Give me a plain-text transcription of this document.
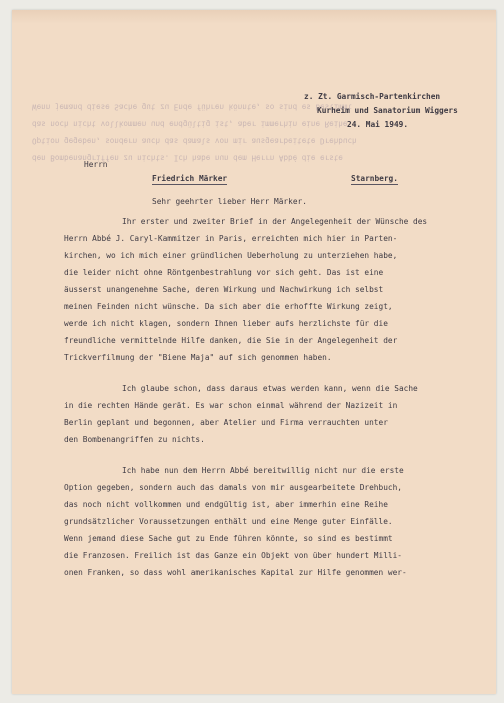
den Bombenangriffen zu nichts. Ich habe nun dem Herrn Abbé die erste
Option gegeben, sondern auch das damals von mir ausgearbeitete Drehbuch
das noch nicht vollkommen und endgültig ist, aber immerhin eine Reihe
Wenn jemand diese Sache gut zu Ende führen könnte, so sind es bestimmt
z. Zt. Garmisch-Partenkirchen
Kurheim und Sanatorium Wiggers
24. Mai 1949.
Herrn
Friedrich Märker	Starnberg.
Sehr geehrter lieber Herr Märker.
Ihr erster und zweiter Brief in der Angelegenheit der Wünsche des
Herrn Abbé J. Caryl-Kammitzer in Paris, erreichten mich hier in Parten-
kirchen, wo ich mich einer gründlichen Ueberholung zu unterziehen habe,
die leider nicht ohne Röntgenbestrahlung vor sich geht. Das ist eine
äusserst unangenehme Sache, deren Wirkung und Nachwirkung ich selbst
meinen Feinden nicht wünsche. Da sich aber die erhoffte Wirkung zeigt,
werde ich nicht klagen, sondern Ihnen lieber aufs herzlichste für die
freundliche vermittelnde Hilfe danken, die Sie in der Angelegenheit der
Trickverfilmung der "Biene Maja" auf sich genommen haben.
Ich glaube schon, dass daraus etwas werden kann, wenn die Sache
in die rechten Hände gerät. Es war schon einmal während der Nazizeit in
Berlin geplant und begonnen, aber Atelier und Firma verrauchten unter
den Bombenangriffen zu nichts.
Ich habe nun dem Herrn Abbé bereitwillig nicht nur die erste
Option gegeben, sondern auch das damals von mir ausgearbeitete Drehbuch,
das noch nicht vollkommen und endgültig ist, aber immerhin eine Reihe
grundsätzlicher Voraussetzungen enthält und eine Menge guter Einfälle.
Wenn jemand diese Sache gut zu Ende führen könnte, so sind es bestimmt
die Franzosen. Freilich ist das Ganze ein Objekt von über hundert Milli-
onen Franken, so dass wohl amerikanisches Kapital zur Hilfe genommen wer-
